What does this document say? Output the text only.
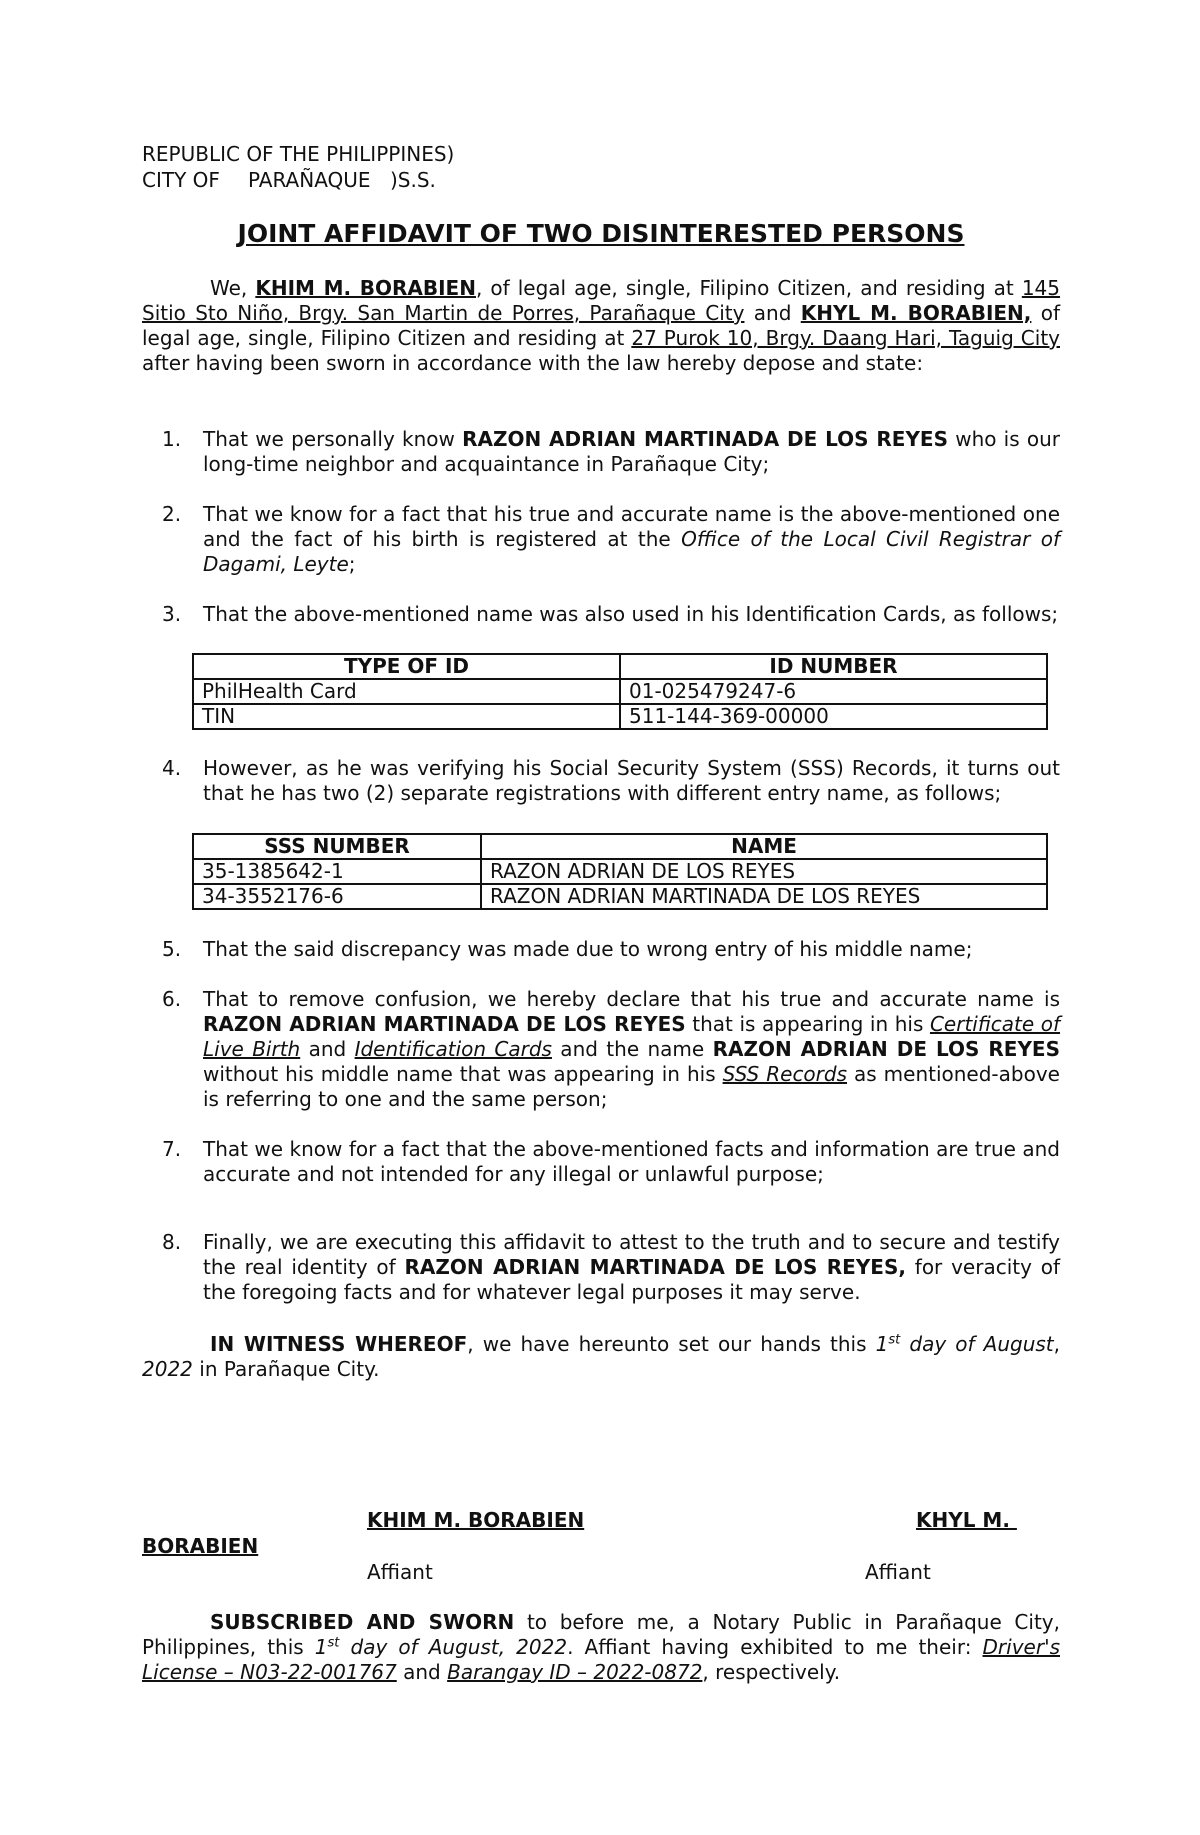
REPUBLIC OF THE PHILIPPINES)
CITY OF PARAÑAQUE )S.S.
JOINT AFFIDAVIT OF TWO DISINTERESTED PERSONS
We, KHIM M. BORABIEN, of legal age, single, Filipino Citizen, and residing at 145 Sitio Sto Niño, Brgy. San Martin de Porres, Parañaque City and KHYL M. BORABIEN, of legal age, single, Filipino Citizen and residing at 27 Purok 10, Brgy. Daang Hari, Taguig City after having been sworn in accordance with the law hereby depose and state:
1. That we personally know RAZON ADRIAN MARTINADA DE LOS REYES who is our long-time neighbor and acquaintance in Parañaque City;
2. That we know for a fact that his true and accurate name is the above-mentioned one and the fact of his birth is registered at the Office of the Local Civil Registrar of Dagami, Leyte;
3. That the above-mentioned name was also used in his Identification Cards, as follows;
TYPE OF ID	ID NUMBER
PhilHealth Card	01-025479247-6
TIN	511-144-369-00000
4. However, as he was verifying his Social Security System (SSS) Records, it turns out that he has two (2) separate registrations with different entry name, as follows;
SSS NUMBER	NAME
35-1385642-1	RAZON ADRIAN DE LOS REYES
34-3552176-6	RAZON ADRIAN MARTINADA DE LOS REYES
5. That the said discrepancy was made due to wrong entry of his middle name;
6. That to remove confusion, we hereby declare that his true and accurate name is RAZON ADRIAN MARTINADA DE LOS REYES that is appearing in his Certificate of Live Birth and Identification Cards and the name RAZON ADRIAN DE LOS REYES without his middle name that was appearing in his SSS Records as mentioned-above is referring to one and the same person;
7. That we know for a fact that the above-mentioned facts and information are true and accurate and not intended for any illegal or unlawful purpose;
8. Finally, we are executing this affidavit to attest to the truth and to secure and testify the real identity of RAZON ADRIAN MARTINADA DE LOS REYES, for veracity of the foregoing facts and for whatever legal purposes it may serve.
IN WITNESS WHEREOF, we have hereunto set our hands this 1st day of August, 2022 in Parañaque City.
KHIM M. BORABIEN	KHYL M.
BORABIEN
Affiant	Affiant
SUBSCRIBED AND SWORN to before me, a Notary Public in Parañaque City, Philippines, this 1st day of August, 2022. Affiant having exhibited to me their: Driver's License – N03-22-001767 and Barangay ID – 2022-0872, respectively.
